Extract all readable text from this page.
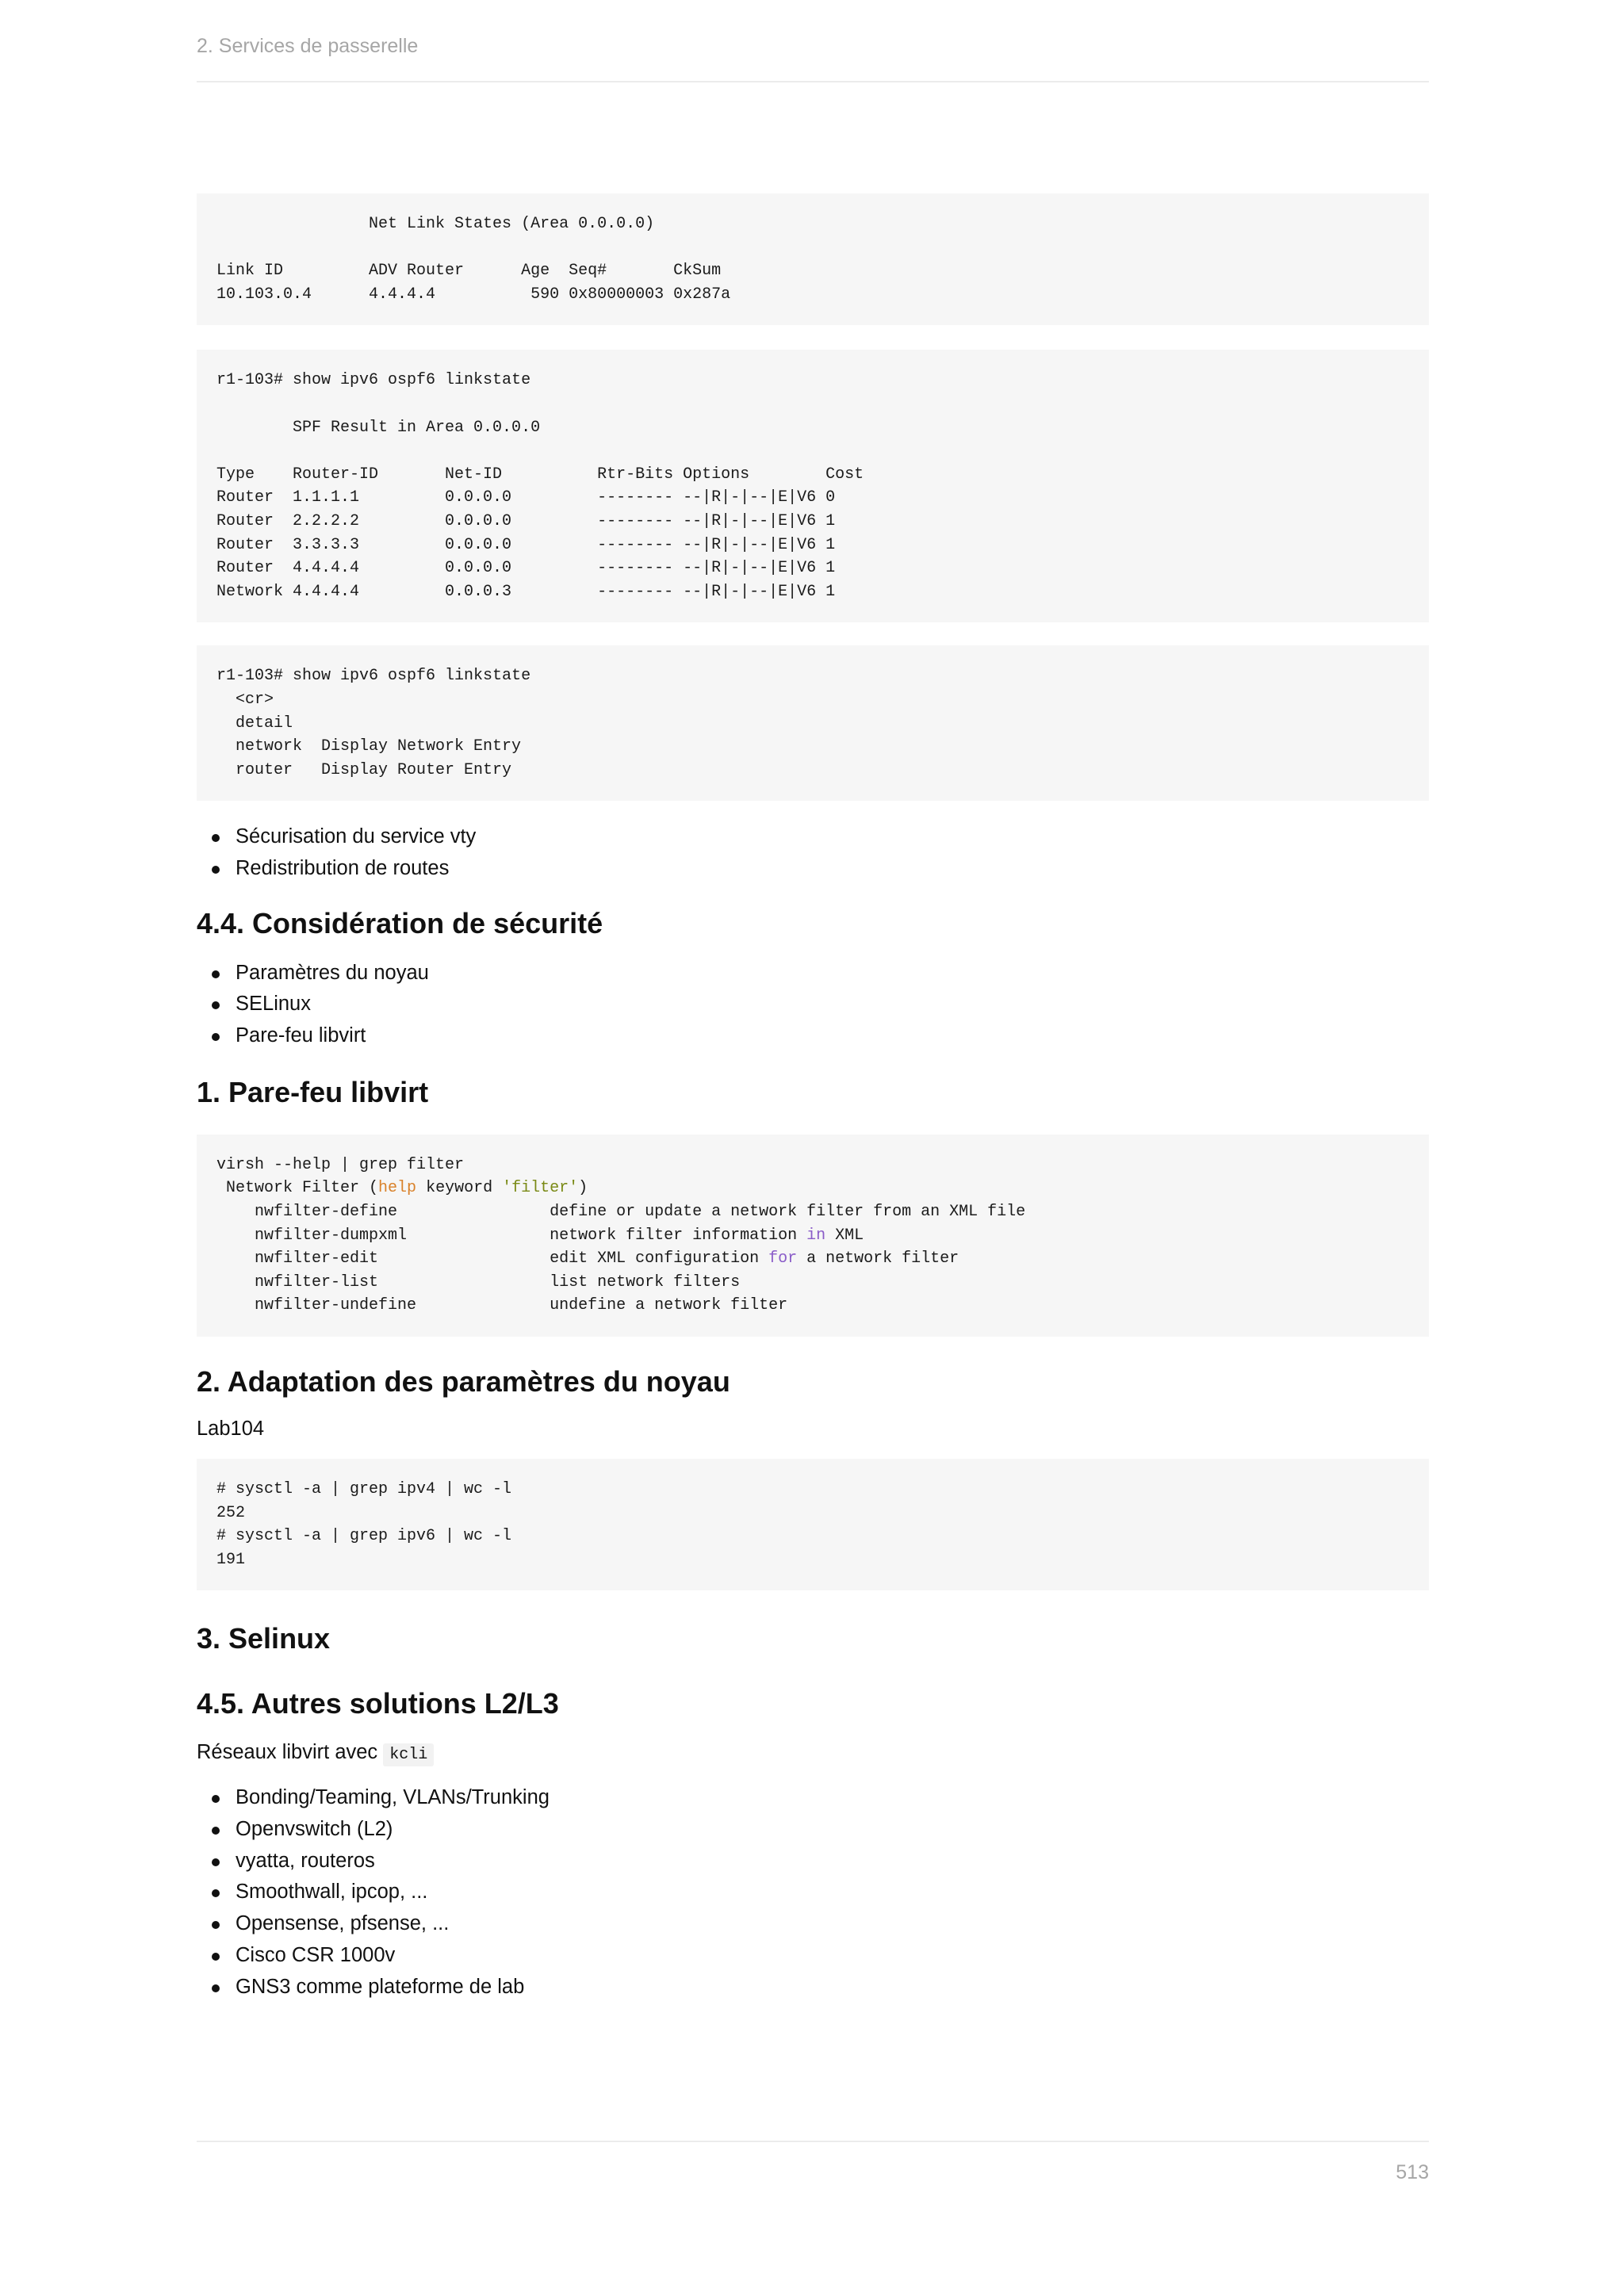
2. Services de passerelle
Net Link States (Area 0.0.0.0)
Link ID         ADV Router      Age  Seq#       CkSum
10.103.0.4      4.4.4.4          590 0x80000003 0x287a
r1-103# show ipv6 ospf6 linkstate
SPF Result in Area 0.0.0.0
Type    Router-ID       Net-ID          Rtr-Bits Options        Cost
Router  1.1.1.1         0.0.0.0         -------- --|R|-|--|E|V6 0
Router  2.2.2.2         0.0.0.0         -------- --|R|-|--|E|V6 1
Router  3.3.3.3         0.0.0.0         -------- --|R|-|--|E|V6 1
Router  4.4.4.4         0.0.0.0         -------- --|R|-|--|E|V6 1
Network 4.4.4.4         0.0.0.3         -------- --|R|-|--|E|V6 1
r1-103# show ipv6 ospf6 linkstate
<cr>
detail
network  Display Network Entry
router   Display Router Entry
Sécurisation du service vty
Redistribution de routes
4.4. Considération de sécurité
Paramètres du noyau
SELinux
Pare-feu libvirt
1. Pare-feu libvirt
virsh --help | grep filter
Network Filter (help keyword 'filter')
nwfilter-define                define or update a network filter from an XML file
nwfilter-dumpxml               network filter information in XML
nwfilter-edit                  edit XML configuration for a network filter
nwfilter-list                  list network filters
nwfilter-undefine              undefine a network filter
2. Adaptation des paramètres du noyau

Lab104

# sysctl -a | grep ipv4 | wc -l
252
# sysctl -a | grep ipv6 | wc -l
191
3. Selinux
4.5. Autres solutions L2/L3

Réseaux libvirt avec kcli

Bonding/Teaming, VLANs/Trunking
Openvswitch (L2)
vyatta, routeros
Smoothwall, ipcop, ...
Opensense, pfsense, ...
Cisco CSR 1000v
GNS3 comme plateforme de lab
513
